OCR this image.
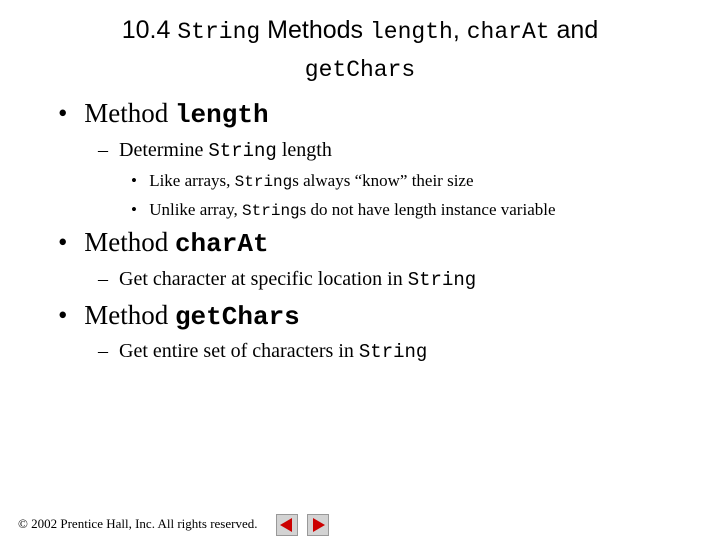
10.4 String Methods length, charAt and
getChars
• Method length
– Determine String length
• Like arrays, Strings always “know” their size
• Unlike array, Strings do not have length instance variable
• Method charAt
– Get character at specific location in String
• Method getChars
– Get entire set of characters in String
© 2002 Prentice Hall, Inc. All rights reserved.
